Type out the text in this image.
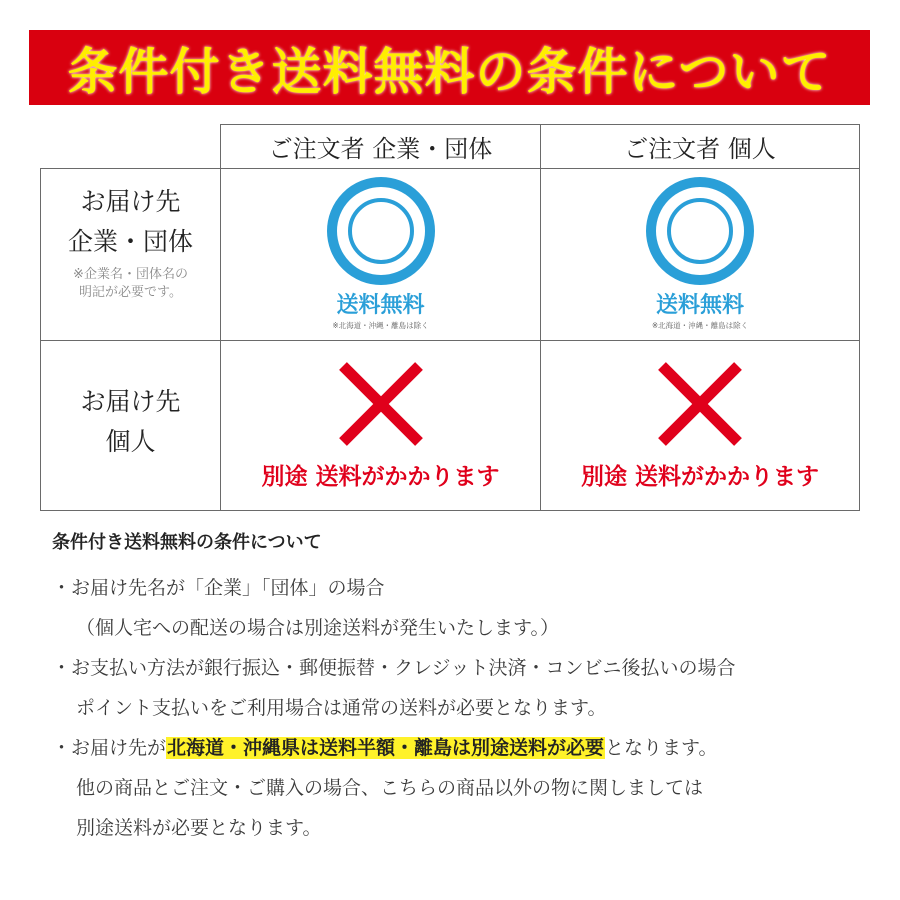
条件付き送料無料の条件について
ご注文者 企業・団体	ご注文者 個人
お届け先
企業・団体
※企業名・団体名の
明記が必要です。
送料無料
※北海道・沖縄・離島は除く
送料無料
※北海道・沖縄・離島は除く
お届け先
個人
別途 送料がかかります	別途 送料がかかります
条件付き送料無料の条件について
・お届け先名が「企業」「団体」の場合
（個人宅への配送の場合は別途送料が発生いたします。）
・お支払い方法が銀行振込・郵便振替・クレジット決済・コンビニ後払いの場合
ポイント支払いをご利用場合は通常の送料が必要となります。
・お届け先が北海道・沖縄県は送料半額・離島は別途送料が必要となります。
他の商品とご注文・ご購入の場合、こちらの商品以外の物に関しましては
別途送料が必要となります。
